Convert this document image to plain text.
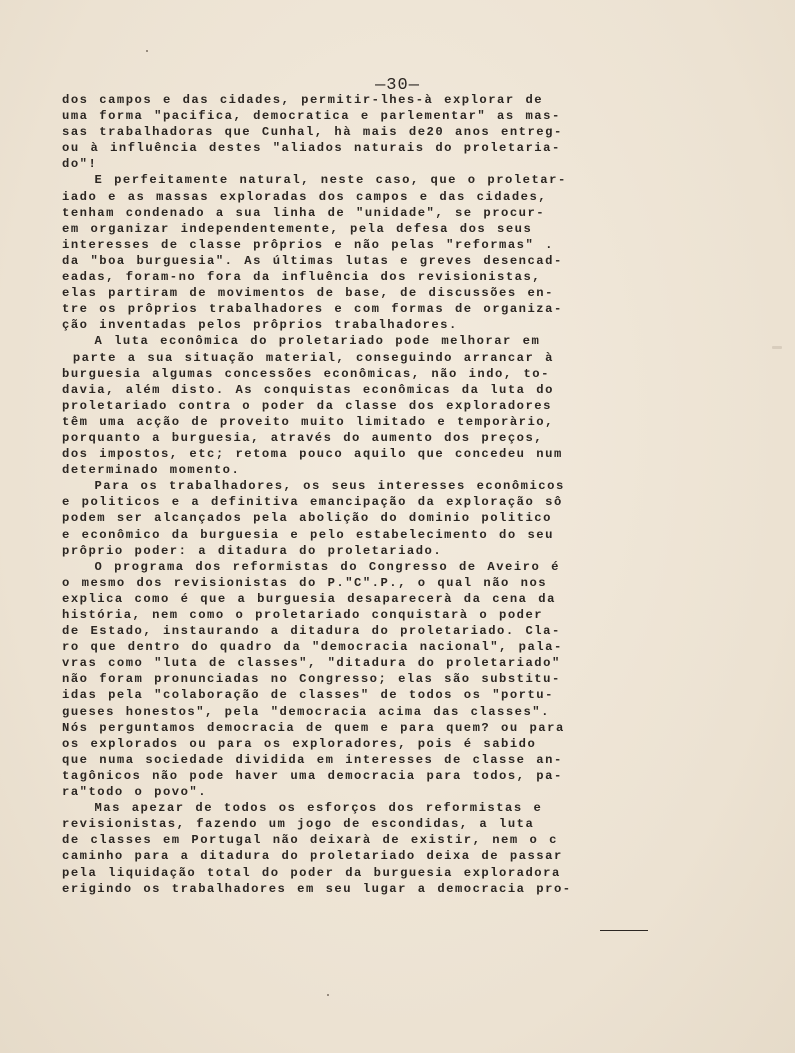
—30—
dos campos e das cidades, permitir-lhes-à explorar de
uma forma "pacifica, democratica e parlementar" as mas-
sas trabalhadoras que Cunhal, hà mais de20 anos entreg-
ou à influência destes "aliados naturais do proletaria-
do"!
E perfeitamente natural, neste caso, que o proletar-
iado e as massas exploradas dos campos e das cidades,
tenham condenado a sua linha de "unidade", se procur-
em organizar independentemente, pela defesa dos seus
interesses de classe prôprios e não pelas "reformas" .
da "boa burguesia". As últimas lutas e greves desencad-
eadas, foram-no fora da influência dos revisionistas,
elas partiram de movimentos de base, de discussões en-
tre os prôprios trabalhadores e com formas de organiza-
ção inventadas pelos prôprios trabalhadores.
A luta econômica do proletariado pode melhorar em
parte a sua situação material, conseguindo arrancar à
burguesia algumas concessões econômicas, não indo, to-
davia, além disto. As conquistas econômicas da luta do
proletariado contra o poder da classe dos exploradores
têm uma acção de proveito muito limitado e temporàrio,
porquanto a burguesia, através do aumento dos preços,
dos impostos, etc; retoma pouco aquilo que concedeu num
determinado momento.
Para os trabalhadores, os seus interesses econômicos
e politicos e a definitiva emancipação da exploração sô
podem ser alcançados pela abolição do dominio politico
e econômico da burguesia e pelo estabelecimento do seu
prôprio poder: a ditadura do proletariado.
O programa dos reformistas do Congresso de Aveiro é
o mesmo dos revisionistas do P."C".P., o qual não nos
explica como é que a burguesia desaparecerà da cena da
história, nem como o proletariado conquistarà o poder
de Estado, instaurando a ditadura do proletariado. Cla-
ro que dentro do quadro da "democracia nacional", pala-
vras como "luta de classes", "ditadura do proletariado"
não foram pronunciadas no Congresso; elas são substitu-
idas pela "colaboração de classes" de todos os "portu-
gueses honestos", pela "democracia acima das classes".
Nós perguntamos democracia de quem e para quem? ou para
os explorados ou para os exploradores, pois é sabido
que numa sociedade dividida em interesses de classe an-
tagônicos não pode haver uma democracia para todos, pa-
ra"todo o povo".
Mas apezar de todos os esforços dos reformistas e
revisionistas, fazendo um jogo de escondidas, a luta
de classes em Portugal não deixarà de existir, nem o c
caminho para a ditadura do proletariado deixa de passar
pela liquidação total do poder da burguesia exploradora
erigindo os trabalhadores em seu lugar a democracia pro-
